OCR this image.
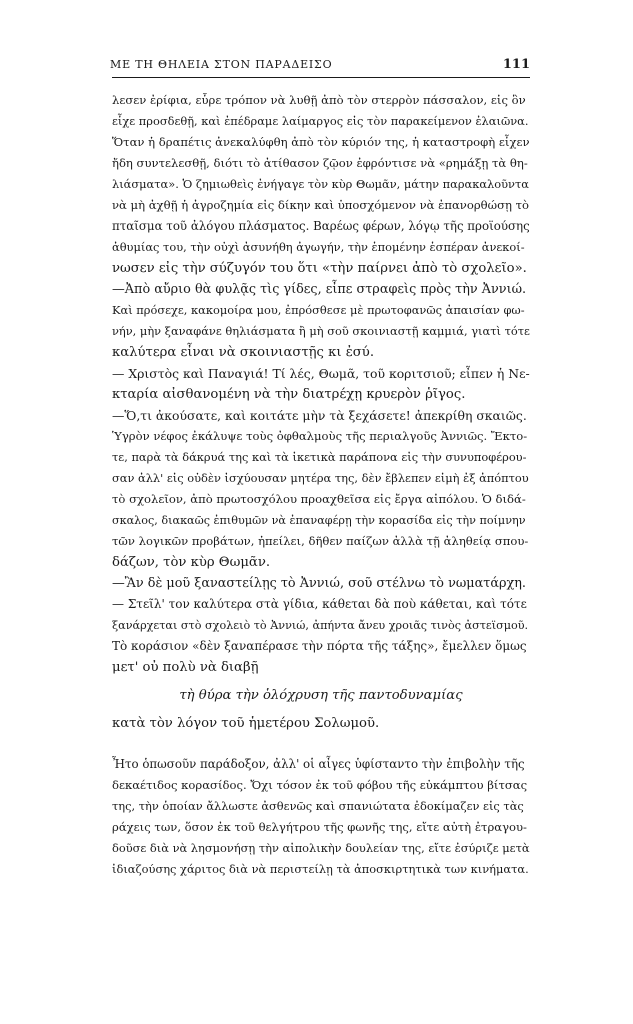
ΜΕ ΤΗ ΘΗΛΕΙΑ ΣΤΟΝ ΠΑΡΑΔΕΙΣΟ	111
λεσεν ἐρίφια, εὗρε τρόπον νὰ λυθῇ ἀπὸ τὸν στερρὸν πάσσαλον, εἰς ὃν
εἶχε προσδεθῇ, καὶ ἐπέδραμε λαίμαργος εἰς τὸν παρακείμενον ἐλαιῶνα.
Ὅταν ἡ δραπέτις ἀνεκαλύφθη ἀπὸ τὸν κύριόν της, ἡ καταστροφὴ εἶχεν
ἤδη συντελεσθῇ, διότι τὸ ἀτίθασον ζῷον ἐφρόντισε νὰ «ρημάξῃ τὰ θη-
λιάσματα». Ὁ ζημιωθεὶς ἐνήγαγε τὸν κὺρ Θωμᾶν, μάτην παρακαλοῦντα
νὰ μὴ ἀχθῇ ἡ ἀγροζημία εἰς δίκην καὶ ὑποσχόμενον νὰ ἐπανορθώσῃ τὸ
πταῖσμα τοῦ ἀλόγου πλάσματος. Βαρέως φέρων, λόγῳ τῆς προϊούσης
ἀθυμίας του, τὴν οὐχὶ ἀσυνήθη ἀγωγήν, τὴν ἑπομένην ἑσπέραν ἀνεκοί-
νωσεν εἰς τὴν σύζυγόν του ὅτι «τὴν παίρνει ἀπὸ τὸ σχολεῖο».
—Ἀπὸ αὔριο θὰ φυλᾷς τὶς γίδες, εἶπε στραφεὶς πρὸς τὴν Ἀννιώ.
Καὶ πρόσεχε, κακομοίρα μου, ἐπρόσθεσε μὲ πρωτοφανῶς ἀπαισίαν φω-
νήν, μὴν ξαναφάνε θηλιάσματα ἢ μὴ σοῦ σκοινιαστῇ καμμιά, γιατὶ τότε
καλύτερα εἶναι νὰ σκοινιαστῇς κι ἐσύ.
— Χριστὸς καὶ Παναγιά! Τί λές, Θωμᾶ, τοῦ κοριτσιοῦ; εἶπεν ἡ Νε-
κταρία αἰσθανομένη νὰ τὴν διατρέχῃ κρυερὸν ῥῖγος.
—Ὅ,τι ἀκούσατε, καὶ κοιτάτε μὴν τὰ ξεχάσετε! ἀπεκρίθη σκαιῶς.
Ὑγρὸν νέφος ἐκάλυψε τοὺς ὀφθαλμοὺς τῆς περιαλγοῦς Ἀννιῶς. Ἔκτο-
τε, παρὰ τὰ δάκρυά της καὶ τὰ ἱκετικὰ παράπονα εἰς τὴν συνυποφέρου-
σαν ἀλλ' εἰς οὐδὲν ἰσχύουσαν μητέρα της, δὲν ἔβλεπεν εἰμὴ ἐξ ἀπόπτου
τὸ σχολεῖον, ἀπὸ πρωτοσχόλου προαχθεῖσα εἰς ἔργα αἰπόλου. Ὁ διδά-
σκαλος, διακαῶς ἐπιθυμῶν νὰ ἐπαναφέρῃ τὴν κορασίδα εἰς τὴν ποίμνην
τῶν λογικῶν προβάτων, ἠπείλει, δῆθεν παίζων ἀλλὰ τῇ ἀληθείᾳ σπου-
δάζων, τὸν κὺρ Θωμᾶν.
—Ἂν δὲ μοῦ ξαναστείλῃς τὸ Ἀννιώ, σοῦ στέλνω τὸ νωματάρχη.
— Στεῖλ' τον καλύτερα στὰ γίδια, κάθεται δὰ ποὺ κάθεται, καὶ τότε
ξανάρχεται στὸ σχολειὸ τὸ Ἀννιώ, ἀπήντα ἄνευ χροιᾶς τινὸς ἀστεϊσμοῦ.
Τὸ κοράσιον «δὲν ξαναπέρασε τὴν πόρτα τῆς τάξης», ἔμελλεν ὅμως
μετ' οὐ πολὺ νὰ διαβῇ
τὴ θύρα τὴν ὁλόχρυση τῆς παντοδυναμίας
κατὰ τὸν λόγον τοῦ ἡμετέρου Σολωμοῦ.
Ἦτο ὁπωσοῦν παράδοξον, ἀλλ' οἱ αἶγες ὑφίσταντο τὴν ἐπιβολὴν τῆς
δεκαέτιδος κορασίδος. Ὄχι τόσον ἐκ τοῦ φόβου τῆς εὐκάμπτου βίτσας
της, τὴν ὁποίαν ἄλλωστε ἀσθενῶς καὶ σπανιώτατα ἐδοκίμαζεν εἰς τὰς
ράχεις των, ὅσον ἐκ τοῦ θελγήτρου τῆς φωνῆς της, εἴτε αὐτὴ ἐτραγου-
δοῦσε διὰ νὰ λησμονήσῃ τὴν αἰπολικὴν δουλείαν της, εἴτε ἐσύριζε μετὰ
ἰδιαζούσης χάριτος διὰ νὰ περιστείλῃ τὰ ἀποσκιρτητικὰ των κινήματα.
